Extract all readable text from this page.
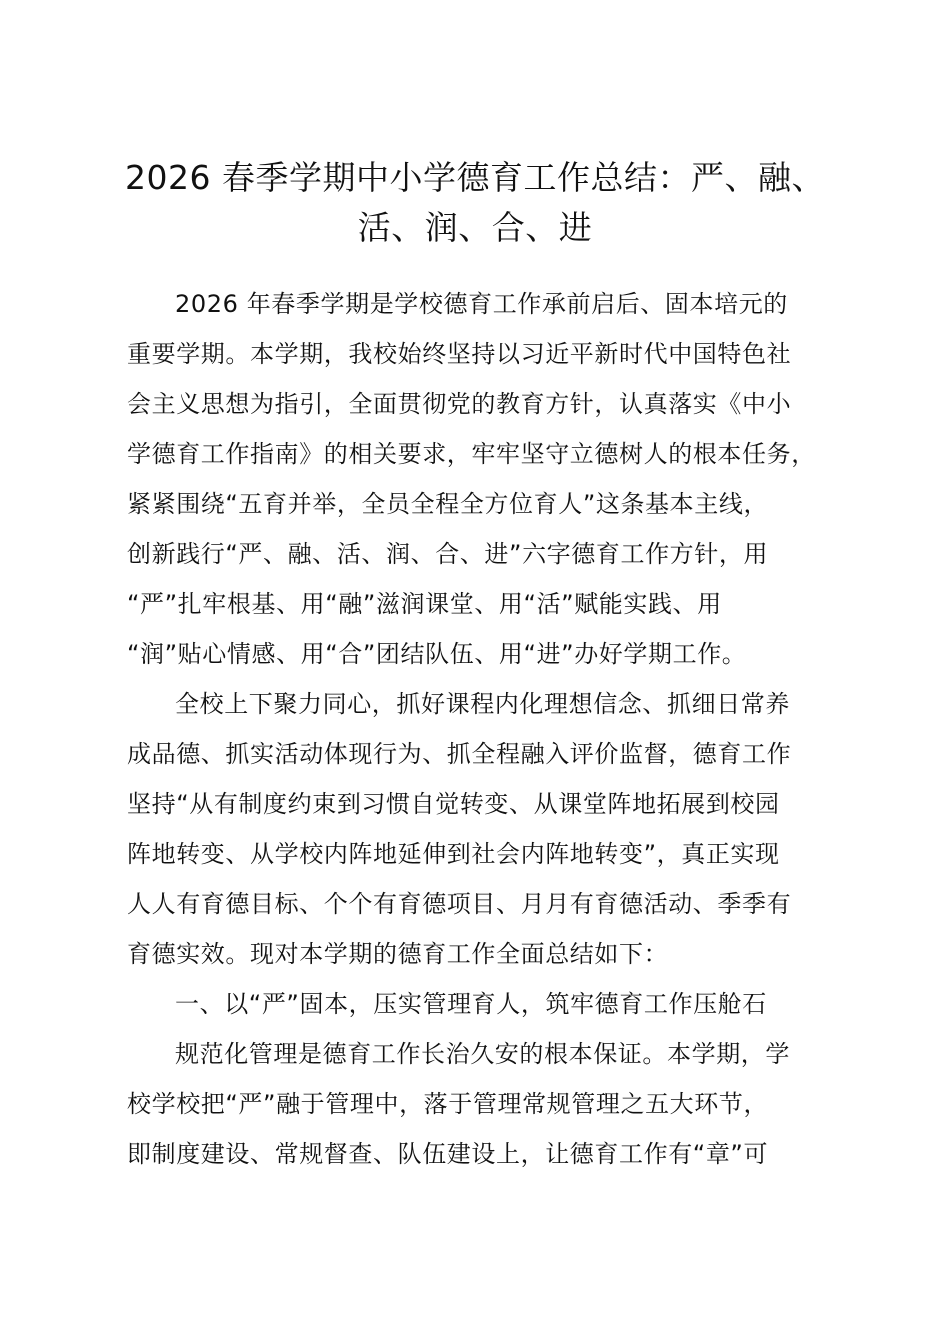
2026 春季学期中小学德育工作总结：严、融、
活、润、合、进

2026 年春季学期是学校德育工作承前启后、固本培元的

重要学期。本学期，我校始终坚持以习近平新时代中国特色社

会主义思想为指引，全面贯彻党的教育方针，认真落实《中小

学德育工作指南》的相关要求，牢牢坚守立德树人的根本任务，

紧紧围绕“五育并举，全员全程全方位育人”这条基本主线，

创新践行“严、融、活、润、合、进”六字德育工作方针，用

“严”扎牢根基、用“融”滋润课堂、用“活”赋能实践、用

“润”贴心情感、用“合”团结队伍、用“进”办好学期工作。

全校上下聚力同心，抓好课程内化理想信念、抓细日常养

成品德、抓实活动体现行为、抓全程融入评价监督，德育工作

坚持“从有制度约束到习惯自觉转变、从课堂阵地拓展到校园

阵地转变、从学校内阵地延伸到社会内阵地转变”，真正实现

人人有育德目标、个个有育德项目、月月有育德活动、季季有

育德实效。现对本学期的德育工作全面总结如下：

一、以“严”固本，压实管理育人，筑牢德育工作压舱石

规范化管理是德育工作长治久安的根本保证。本学期，学

校学校把“严”融于管理中，落于管理常规管理之五大环节，

即制度建设、常规督查、队伍建设上，让德育工作有“章”可
